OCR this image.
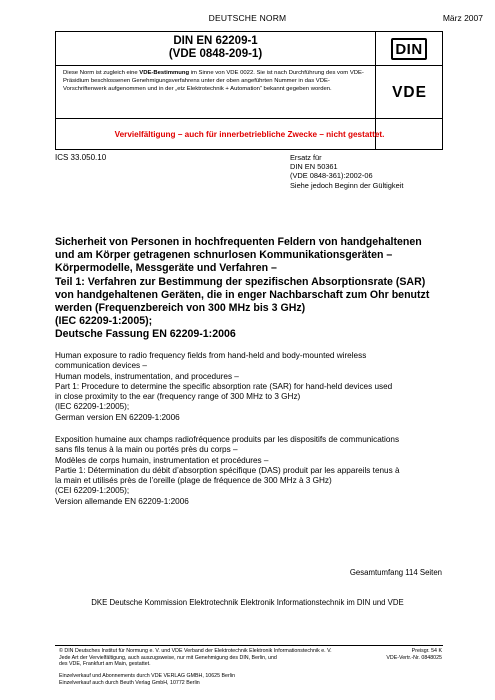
DEUTSCHE NORM	März 2007
DIN EN 62209-1
(VDE 0848-209-1)
Diese Norm ist zugleich eine VDE-Bestimmung im Sinne von VDE 0022. Sie ist nach Durchführung des vom VDE-Präsidium beschlossenen Genehmigungsverfahrens unter der oben angeführten Nummer in das VDE-Vorschriftenwerk aufgenommen und in der „etz Elektrotechnik + Automation“ bekannt gegeben worden.
DIN
VDE
Vervielfältigung – auch für innerbetriebliche Zwecke – nicht gestattet.
ICS 33.050.10	Ersatz für
DIN EN 50361
(VDE 0848-361):2002-06
Siehe jedoch Beginn der Gültigkeit
Sicherheit von Personen in hochfrequenten Feldern von handgehaltenen
und am Körper getragenen schnurlosen Kommunikationsgeräten –
Körpermodelle, Messgeräte und Verfahren –
Teil 1: Verfahren zur Bestimmung der spezifischen Absorptionsrate (SAR)
von handgehaltenen Geräten, die in enger Nachbarschaft zum Ohr benutzt
werden (Frequenzbereich von 300 MHz bis 3 GHz)
(IEC 62209-1:2005);
Deutsche Fassung EN 62209-1:2006
Human exposure to radio frequency fields from hand-held and body-mounted wireless
communication devices –
Human models, instrumentation, and procedures –
Part 1: Procedure to determine the specific absorption rate (SAR) for hand-held devices used
in close proximity to the ear (frequency range of 300 MHz to 3 GHz)
(IEC 62209-1:2005);
German version EN 62209-1:2006
Exposition humaine aux champs radiofréquence produits par les dispositifs de communications
sans fils tenus à la main ou portés près du corps –
Modèles de corps humain, instrumentation et procédures –
Partie 1: Détermination du débit d’absorption spécifique (DAS) produit par les appareils tenus à
la main et utilisés près de l’oreille (plage de fréquence de 300 MHz à 3 GHz)
(CEI 62209-1:2005);
Version allemande EN 62209-1:2006
Gesamtumfang 114 Seiten
DKE Deutsche Kommission Elektrotechnik Elektronik Informationstechnik im DIN und VDE
© DIN Deutsches Institut für Normung e. V. und VDE Verband der Elektrotechnik Elektronik Informationstechnik e. V.
Jede Art der Vervielfältigung, auch auszugsweise, nur mit Genehmigung des DIN, Berlin, und
des VDE, Frankfurt am Main, gestattet.
Preisgr. 54 K
VDE-Vertr.-Nr. 0848025
Einzelverkauf und Abonnements durch VDE VERLAG GMBH, 10625 Berlin
Einzelverkauf auch durch Beuth Verlag GmbH, 10772 Berlin
